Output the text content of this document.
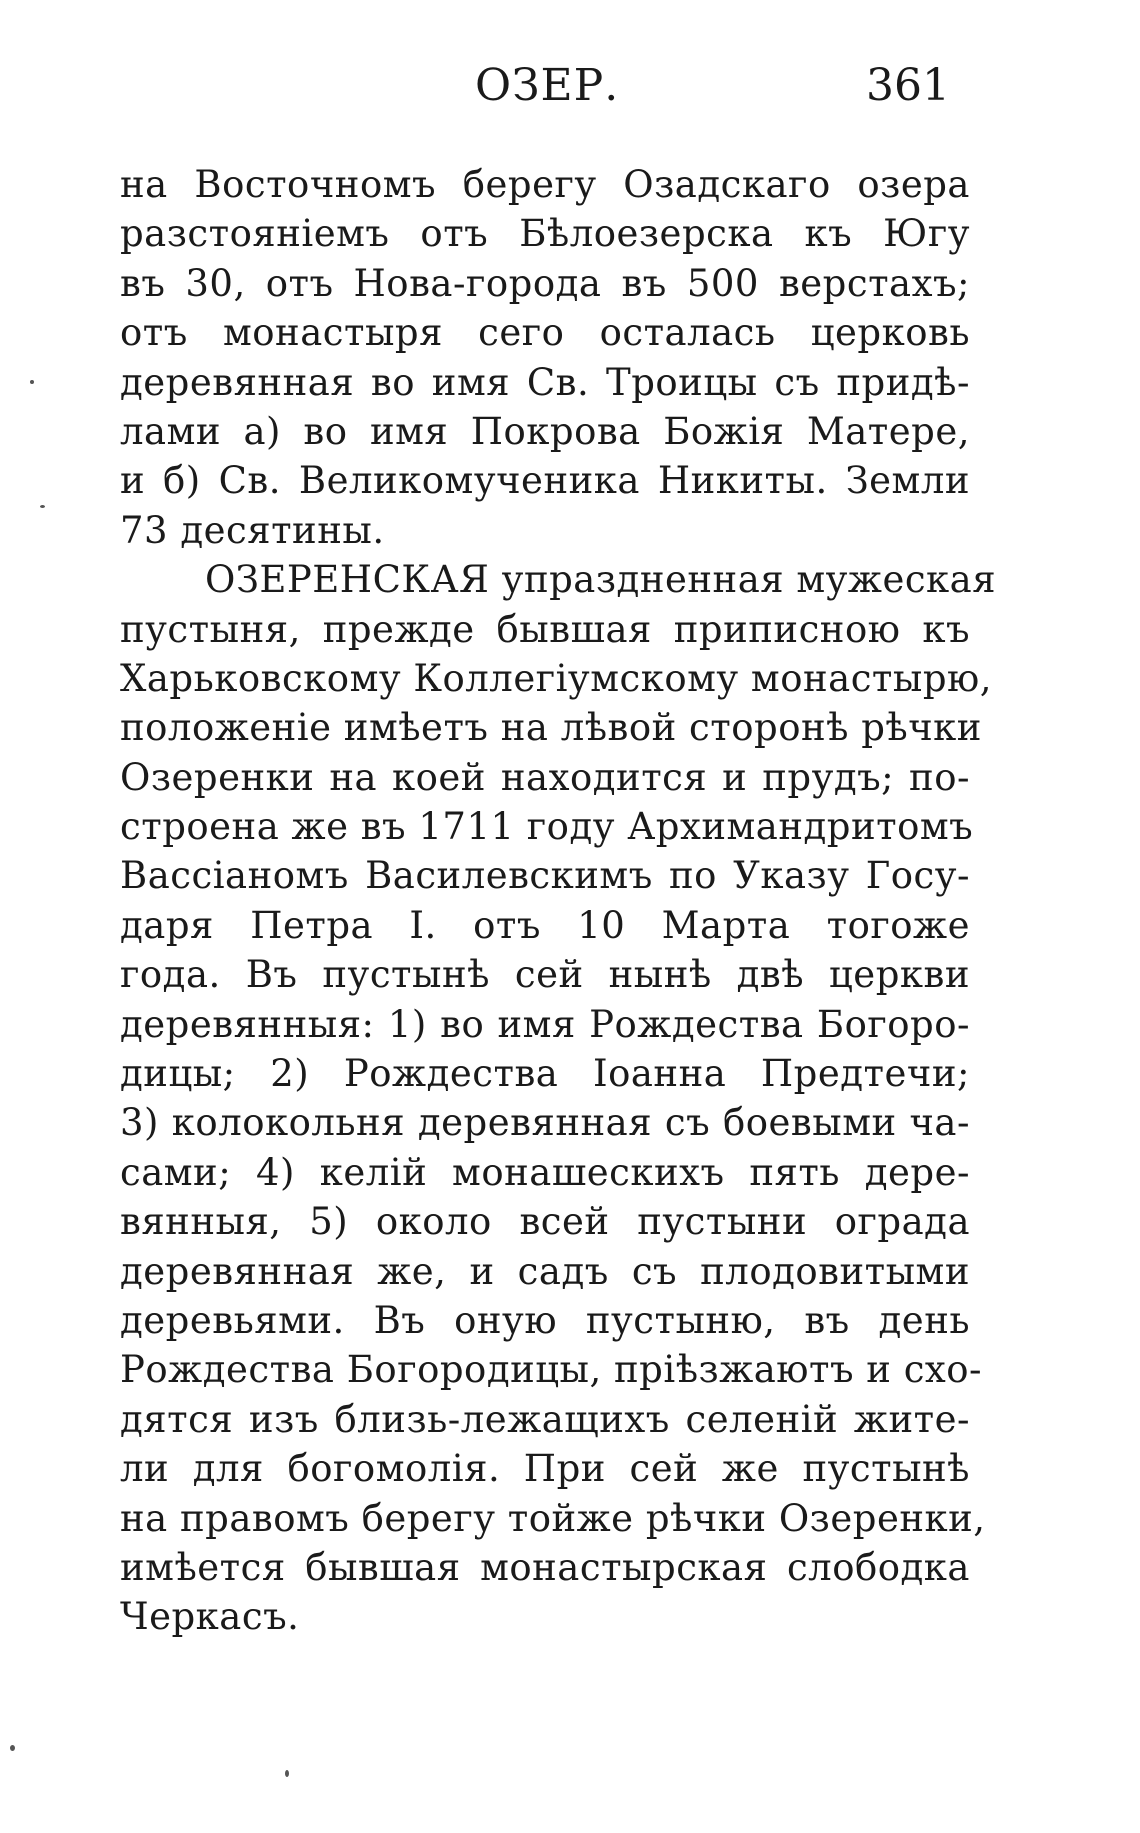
ОЗЕР.	361
на Восточномъ берегу Озадскаго озера
разстояніемъ отъ Бѣлоезерска къ Югу
въ 30, отъ Нова-города въ 500 верстахъ;
отъ монастыря сего осталась церковь
деревянная во имя Св. Троицы съ придѣ-
лами а) во имя Покрова Божія Матере,
и б) Св. Великомученика Никиты. Земли
73 десятины.
ОЗЕРЕНСКАЯ упраздненная мужеская
пустыня, прежде бывшая приписною къ
Харьковскому Коллегіумскому монастырю,
положеніе имѣетъ на лѣвой сторонѣ рѣчки
Озеренки на коей находится и прудъ; по-
строена же въ 1711 году Архимандритомъ
Вассіаномъ Василевскимъ по Указу Госу-
даря Петра I. отъ 10 Марта тогоже
года. Въ пустынѣ сей нынѣ двѣ церкви
деревянныя: 1) во имя Рождества Богоро-
дицы; 2) Рождества Іоанна Предтечи;
3) колокольня деревянная съ боевыми ча-
сами; 4) келій монашескихъ пять дере-
вянныя, 5) около всей пустыни ограда
деревянная же, и садъ съ плодовитыми
деревьями. Въ оную пустыню, въ день
Рождества Богородицы, пріѣзжаютъ и схо-
дятся изъ близь-лежащихъ селеній жите-
ли для богомолія. При сей же пустынѣ
на правомъ берегу тойже рѣчки Озеренки,
имѣется бывшая монастырская слободка
Черкасъ.
